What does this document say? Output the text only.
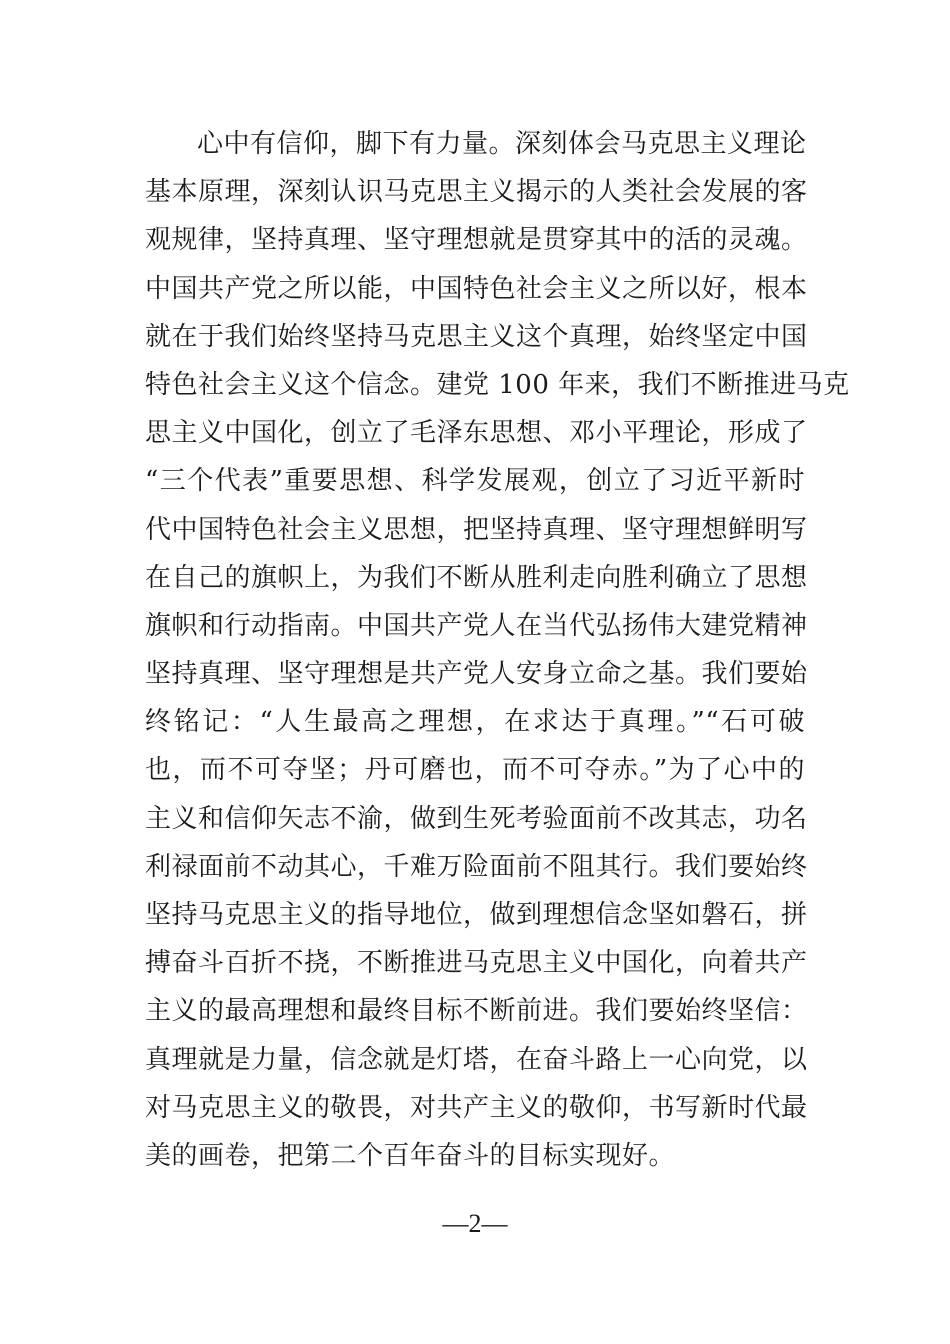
心中有信仰，脚下有力量。深刻体会马克思主义理论
基本原理，深刻认识马克思主义揭示的人类社会发展的客
观规律，坚持真理、坚守理想就是贯穿其中的活的灵魂。
中国共产党之所以能，中国特色社会主义之所以好，根本
就在于我们始终坚持马克思主义这个真理，始终坚定中国
特色社会主义这个信念。建党 100 年来，我们不断推进马克
思主义中国化，创立了毛泽东思想、邓小平理论，形成了
“三个代表”重要思想、科学发展观，创立了习近平新时
代中国特色社会主义思想，把坚持真理、坚守理想鲜明写
在自己的旗帜上，为我们不断从胜利走向胜利确立了思想
旗帜和行动指南。中国共产党人在当代弘扬伟大建党精神
坚持真理、坚守理想是共产党人安身立命之基。我们要始
终铭记：“人生最高之理想，在求达于真理。”“石可破
也，而不可夺坚；丹可磨也，而不可夺赤。”为了心中的
主义和信仰矢志不渝，做到生死考验面前不改其志，功名
利禄面前不动其心，千难万险面前不阻其行。我们要始终
坚持马克思主义的指导地位，做到理想信念坚如磐石，拼
搏奋斗百折不挠，不断推进马克思主义中国化，向着共产
主义的最高理想和最终目标不断前进。我们要始终坚信：
真理就是力量，信念就是灯塔，在奋斗路上一心向党，以
对马克思主义的敬畏，对共产主义的敬仰，书写新时代最
美的画卷，把第二个百年奋斗的目标实现好。
—2—
